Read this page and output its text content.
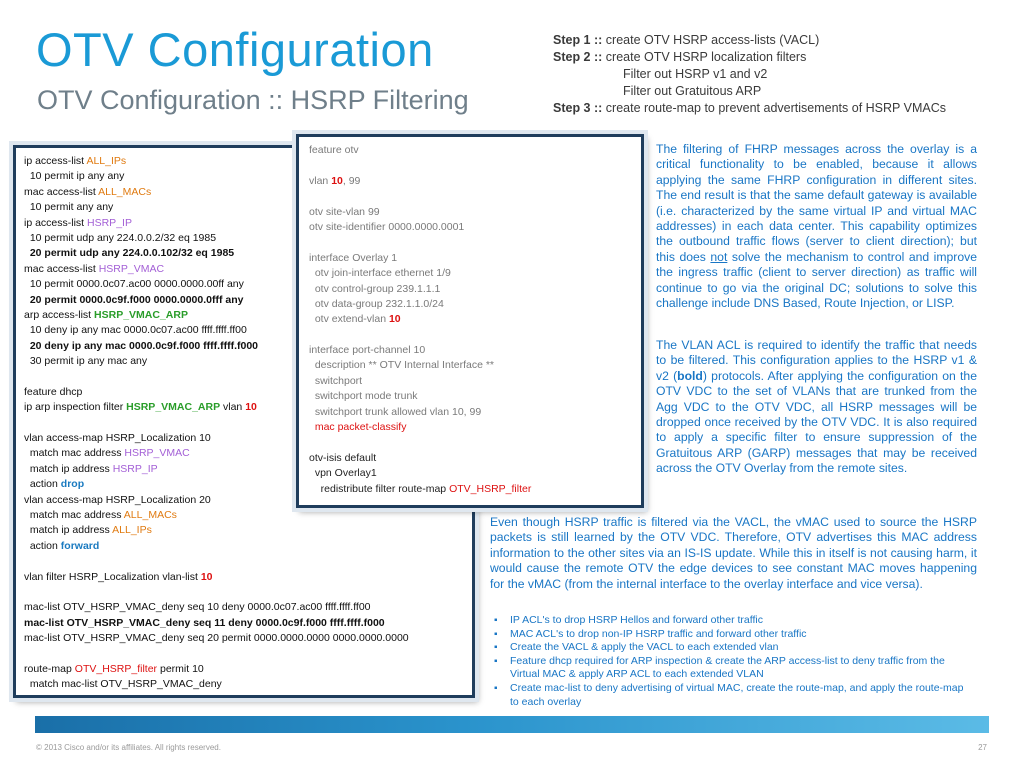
OTV Configuration
OTV Configuration :: HSRP Filtering
Step 1 :: create OTV HSRP access-lists (VACL)
Step 2 :: create OTV HSRP localization filters
Filter out HSRP v1 and v2
Filter out Gratuitous ARP
Step 3 :: create route-map to prevent advertisements of HSRP VMACs
ip access-list ALL_IPs
10 permit ip any any
mac access-list ALL_MACs
10 permit any any
ip access-list HSRP_IP
10 permit udp any 224.0.0.2/32 eq 1985
20 permit udp any 224.0.0.102/32 eq 1985
mac access-list HSRP_VMAC
10 permit 0000.0c07.ac00 0000.0000.00ff any
20 permit 0000.0c9f.f000 0000.0000.0fff any
arp access-list HSRP_VMAC_ARP
10 deny ip any mac 0000.0c07.ac00 ffff.ffff.ff00
20 deny ip any mac 0000.0c9f.f000 ffff.ffff.f000
30 permit ip any mac any
feature dhcp
ip arp inspection filter HSRP_VMAC_ARP vlan 10
vlan access-map HSRP_Localization 10
match mac address HSRP_VMAC
match ip address HSRP_IP
action drop
vlan access-map HSRP_Localization 20
match mac address ALL_MACs
match ip address ALL_IPs
action forward
vlan filter HSRP_Localization vlan-list 10
mac-list OTV_HSRP_VMAC_deny seq 10 deny 0000.0c07.ac00 ffff.ffff.ff00
mac-list OTV_HSRP_VMAC_deny seq 11 deny 0000.0c9f.f000 ffff.ffff.f000
mac-list OTV_HSRP_VMAC_deny seq 20 permit 0000.0000.0000 0000.0000.0000
route-map OTV_HSRP_filter permit 10
match mac-list OTV_HSRP_VMAC_deny
feature otv
vlan 10, 99
otv site-vlan 99
otv site-identifier 0000.0000.0001
interface Overlay 1
otv join-interface ethernet 1/9
otv control-group 239.1.1.1
otv data-group 232.1.1.0/24
otv extend-vlan 10
interface port-channel 10
description ** OTV Internal Interface **
switchport
switchport mode trunk
switchport trunk allowed vlan 10, 99
mac packet-classify
otv-isis default
vpn Overlay1
redistribute filter route-map OTV_HSRP_filter
The filtering of FHRP messages across the overlay is a critical functionality to be enabled, because it allows applying the same FHRP configuration in different sites. The end result is that the same default gateway is available (i.e. characterized by the same virtual IP and virtual MAC addresses) in each data center. This capability optimizes the outbound traffic flows (server to client direction); but this does not solve the mechanism to control and improve the ingress traffic (client to server direction) as traffic will continue to go via the original DC; solutions to solve this challenge include DNS Based, Route Injection, or LISP.
The VLAN ACL is required to identify the traffic that needs to be filtered. This configuration applies to the HSRP v1 & v2 (bold) protocols. After applying the configuration on the OTV VDC to the set of VLANs that are trunked from the Agg VDC to the OTV VDC, all HSRP messages will be dropped once received by the OTV VDC. It is also required to apply a specific filter to ensure suppression of the Gratuitous ARP (GARP) messages that may be received across the OTV Overlay from the remote sites.
Even though HSRP traffic is filtered via the VACL, the vMAC used to source the HSRP packets is still learned by the OTV VDC. Therefore, OTV advertises this MAC address information to the other sites via an IS-IS update. While this in itself is not causing harm, it would cause the remote OTV the edge devices to see constant MAC moves happening for the vMAC (from the internal interface to the overlay interface and vice versa).
▪ IP ACL's to drop HSRP Hellos and forward other traffic
▪ MAC ACL's to drop non-IP HSRP traffic and forward other traffic
▪ Create the VACL & apply the VACL to each extended vlan
▪ Feature dhcp required for ARP inspection & create the ARP access-list to deny traffic from the Virtual MAC & apply ARP ACL to each extended VLAN
▪ Create mac-list to deny advertising of virtual MAC, create the route-map, and apply the route-map to each overlay
© 2013 Cisco and/or its affiliates. All rights reserved.	27
